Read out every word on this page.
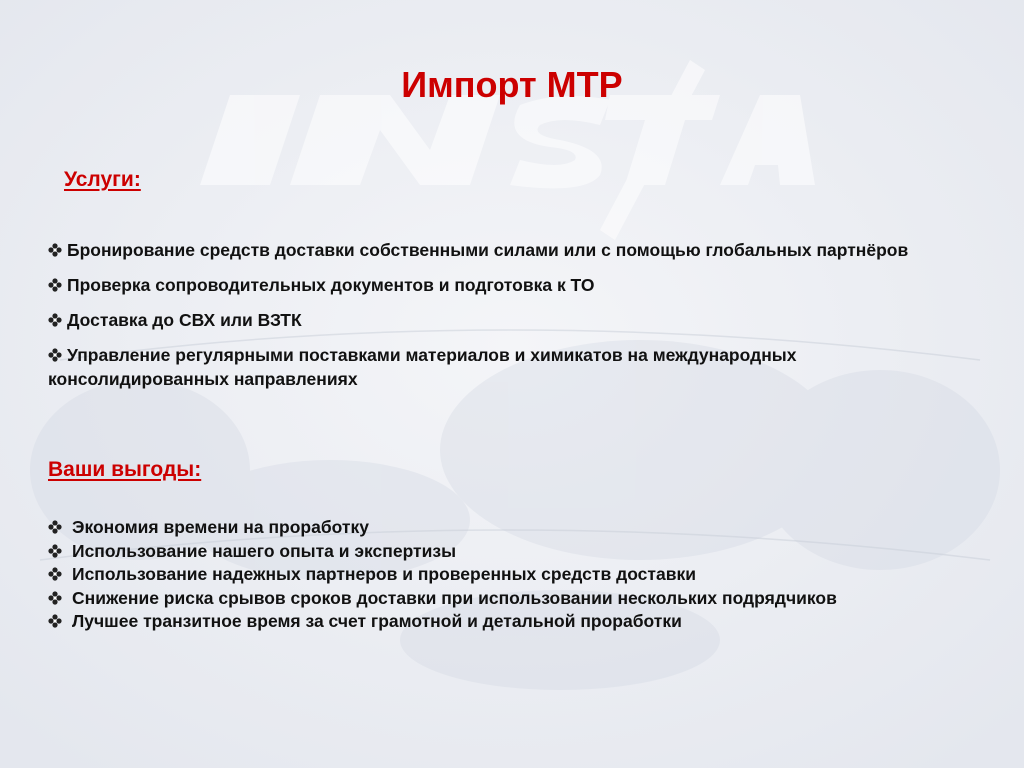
Импорт МТР
Услуги:
Бронирование средств доставки собственными силами или с помощью глобальных партнёров
Проверка сопроводительных документов и подготовка к ТО
Доставка до СВХ или ВЗТК
Управление регулярными поставками материалов и химикатов на международных консолидированных направлениях
Ваши выгоды:
Экономия времени на проработку
Использование нашего опыта и экспертизы
Использование надежных партнеров и проверенных средств доставки
Снижение риска срывов сроков доставки при использовании нескольких подрядчиков
Лучшее транзитное время за счет грамотной и детальной проработки
